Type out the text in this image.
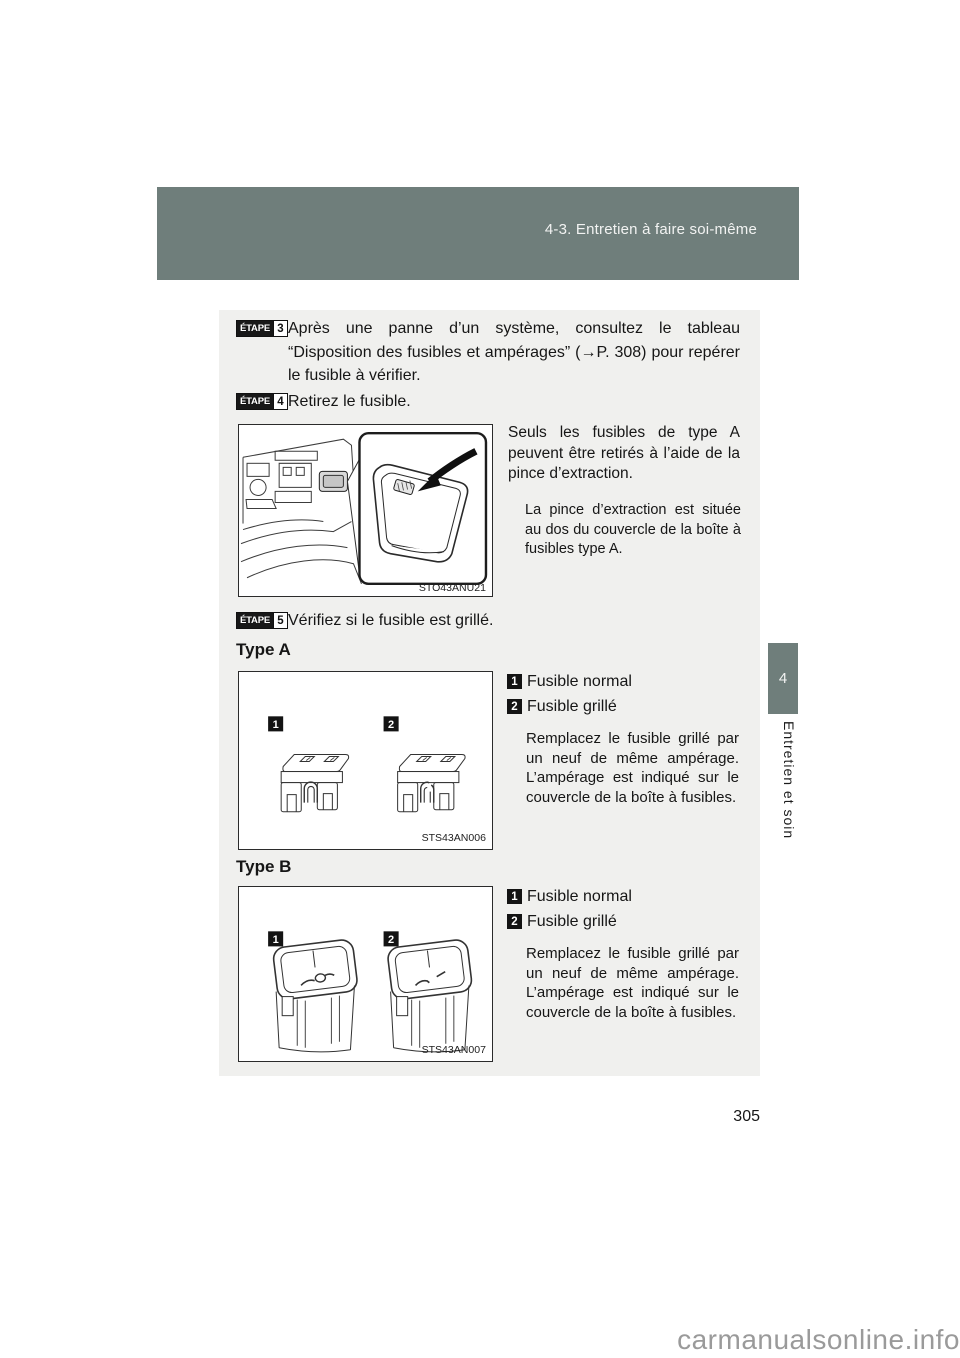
4-3. Entretien à faire soi-même
ÉTAPE 3 Après une panne d’un système, consultez le tableau “Disposition des fusibles et ampérages” (→P. 308) pour repérer le fusible à vérifier.
ÉTAPE 4 Retirez le fusible.
STO43ANU21
Seuls les fusibles de type A peuvent être retirés à l’aide de la pince d’extraction.
La pince d’extraction est située au dos du couvercle de la boîte à fusibles type A.
ÉTAPE 5 Vérifiez si le fusible est grillé.
Type A
1	2
STS43AN006
1 Fusible normal
2 Fusible grillé
Remplacez le fusible grillé par un neuf de même ampérage. L’ampérage est indiqué sur le couvercle de la boîte à fusibles.
Type B
1	2
STS43AN007
1 Fusible normal
2 Fusible grillé
Remplacez le fusible grillé par un neuf de même ampérage. L’ampérage est indiqué sur le couvercle de la boîte à fusibles.
4
Entretien et soin
305
carmanualsonline.info
